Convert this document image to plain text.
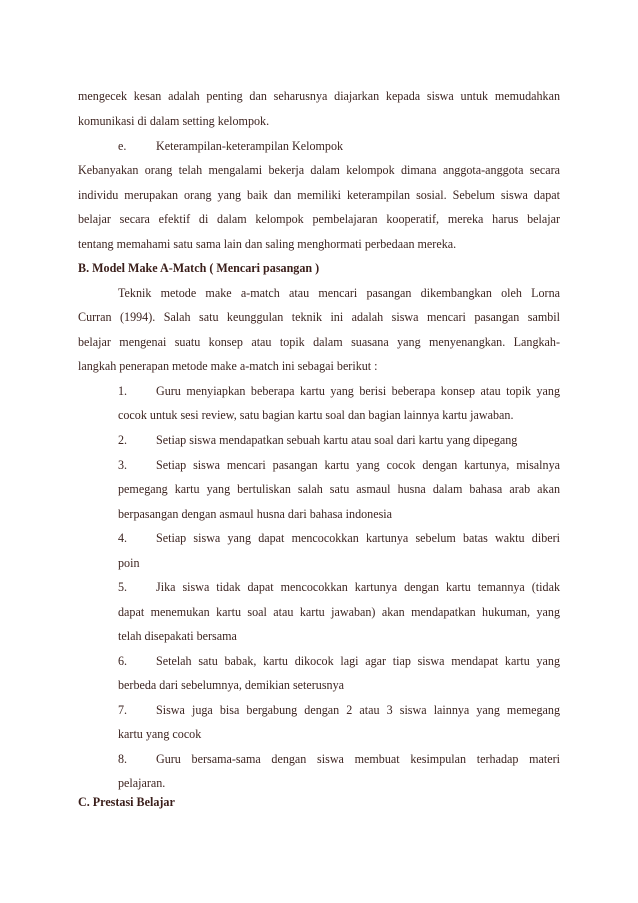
mengecek kesan adalah penting dan seharusnya diajarkan kepada siswa untuk memudahkan
komunikasi di dalam setting kelompok.
e. Keterampilan-keterampilan Kelompok
Kebanyakan orang telah mengalami bekerja dalam kelompok dimana anggota-anggota secara
individu merupakan orang yang baik dan memiliki keterampilan sosial. Sebelum siswa dapat
belajar secara efektif di dalam kelompok pembelajaran kooperatif, mereka harus belajar
tentang memahami satu sama lain dan saling menghormati perbedaan mereka.
B. Model Make A-Match ( Mencari pasangan )
Teknik metode make a-match atau mencari pasangan dikembangkan oleh Lorna
Curran (1994). Salah satu keunggulan teknik ini adalah siswa mencari pasangan sambil
belajar mengenai suatu konsep atau topik dalam suasana yang menyenangkan. Langkah-
langkah penerapan metode make a-match ini sebagai berikut :
1. Guru menyiapkan beberapa kartu yang berisi beberapa konsep atau topik yang
cocok untuk sesi review, satu bagian kartu soal dan bagian lainnya kartu jawaban.
2. Setiap siswa mendapatkan sebuah kartu atau soal dari kartu yang dipegang
3. Setiap siswa mencari pasangan kartu yang cocok dengan kartunya, misalnya
pemegang kartu yang bertuliskan salah satu asmaul husna dalam bahasa arab akan
berpasangan dengan asmaul husna dari bahasa indonesia
4. Setiap siswa yang dapat mencocokkan kartunya sebelum batas waktu diberi
poin
5. Jika siswa tidak dapat mencocokkan kartunya dengan kartu temannya (tidak
dapat menemukan kartu soal atau kartu jawaban) akan mendapatkan hukuman, yang
telah disepakati bersama
6. Setelah satu babak, kartu dikocok lagi agar tiap siswa mendapat kartu yang
berbeda dari sebelumnya, demikian seterusnya
7. Siswa juga bisa bergabung dengan 2 atau 3 siswa lainnya yang memegang
kartu yang cocok
8. Guru bersama-sama dengan siswa membuat kesimpulan terhadap materi
pelajaran.
C. Prestasi Belajar
